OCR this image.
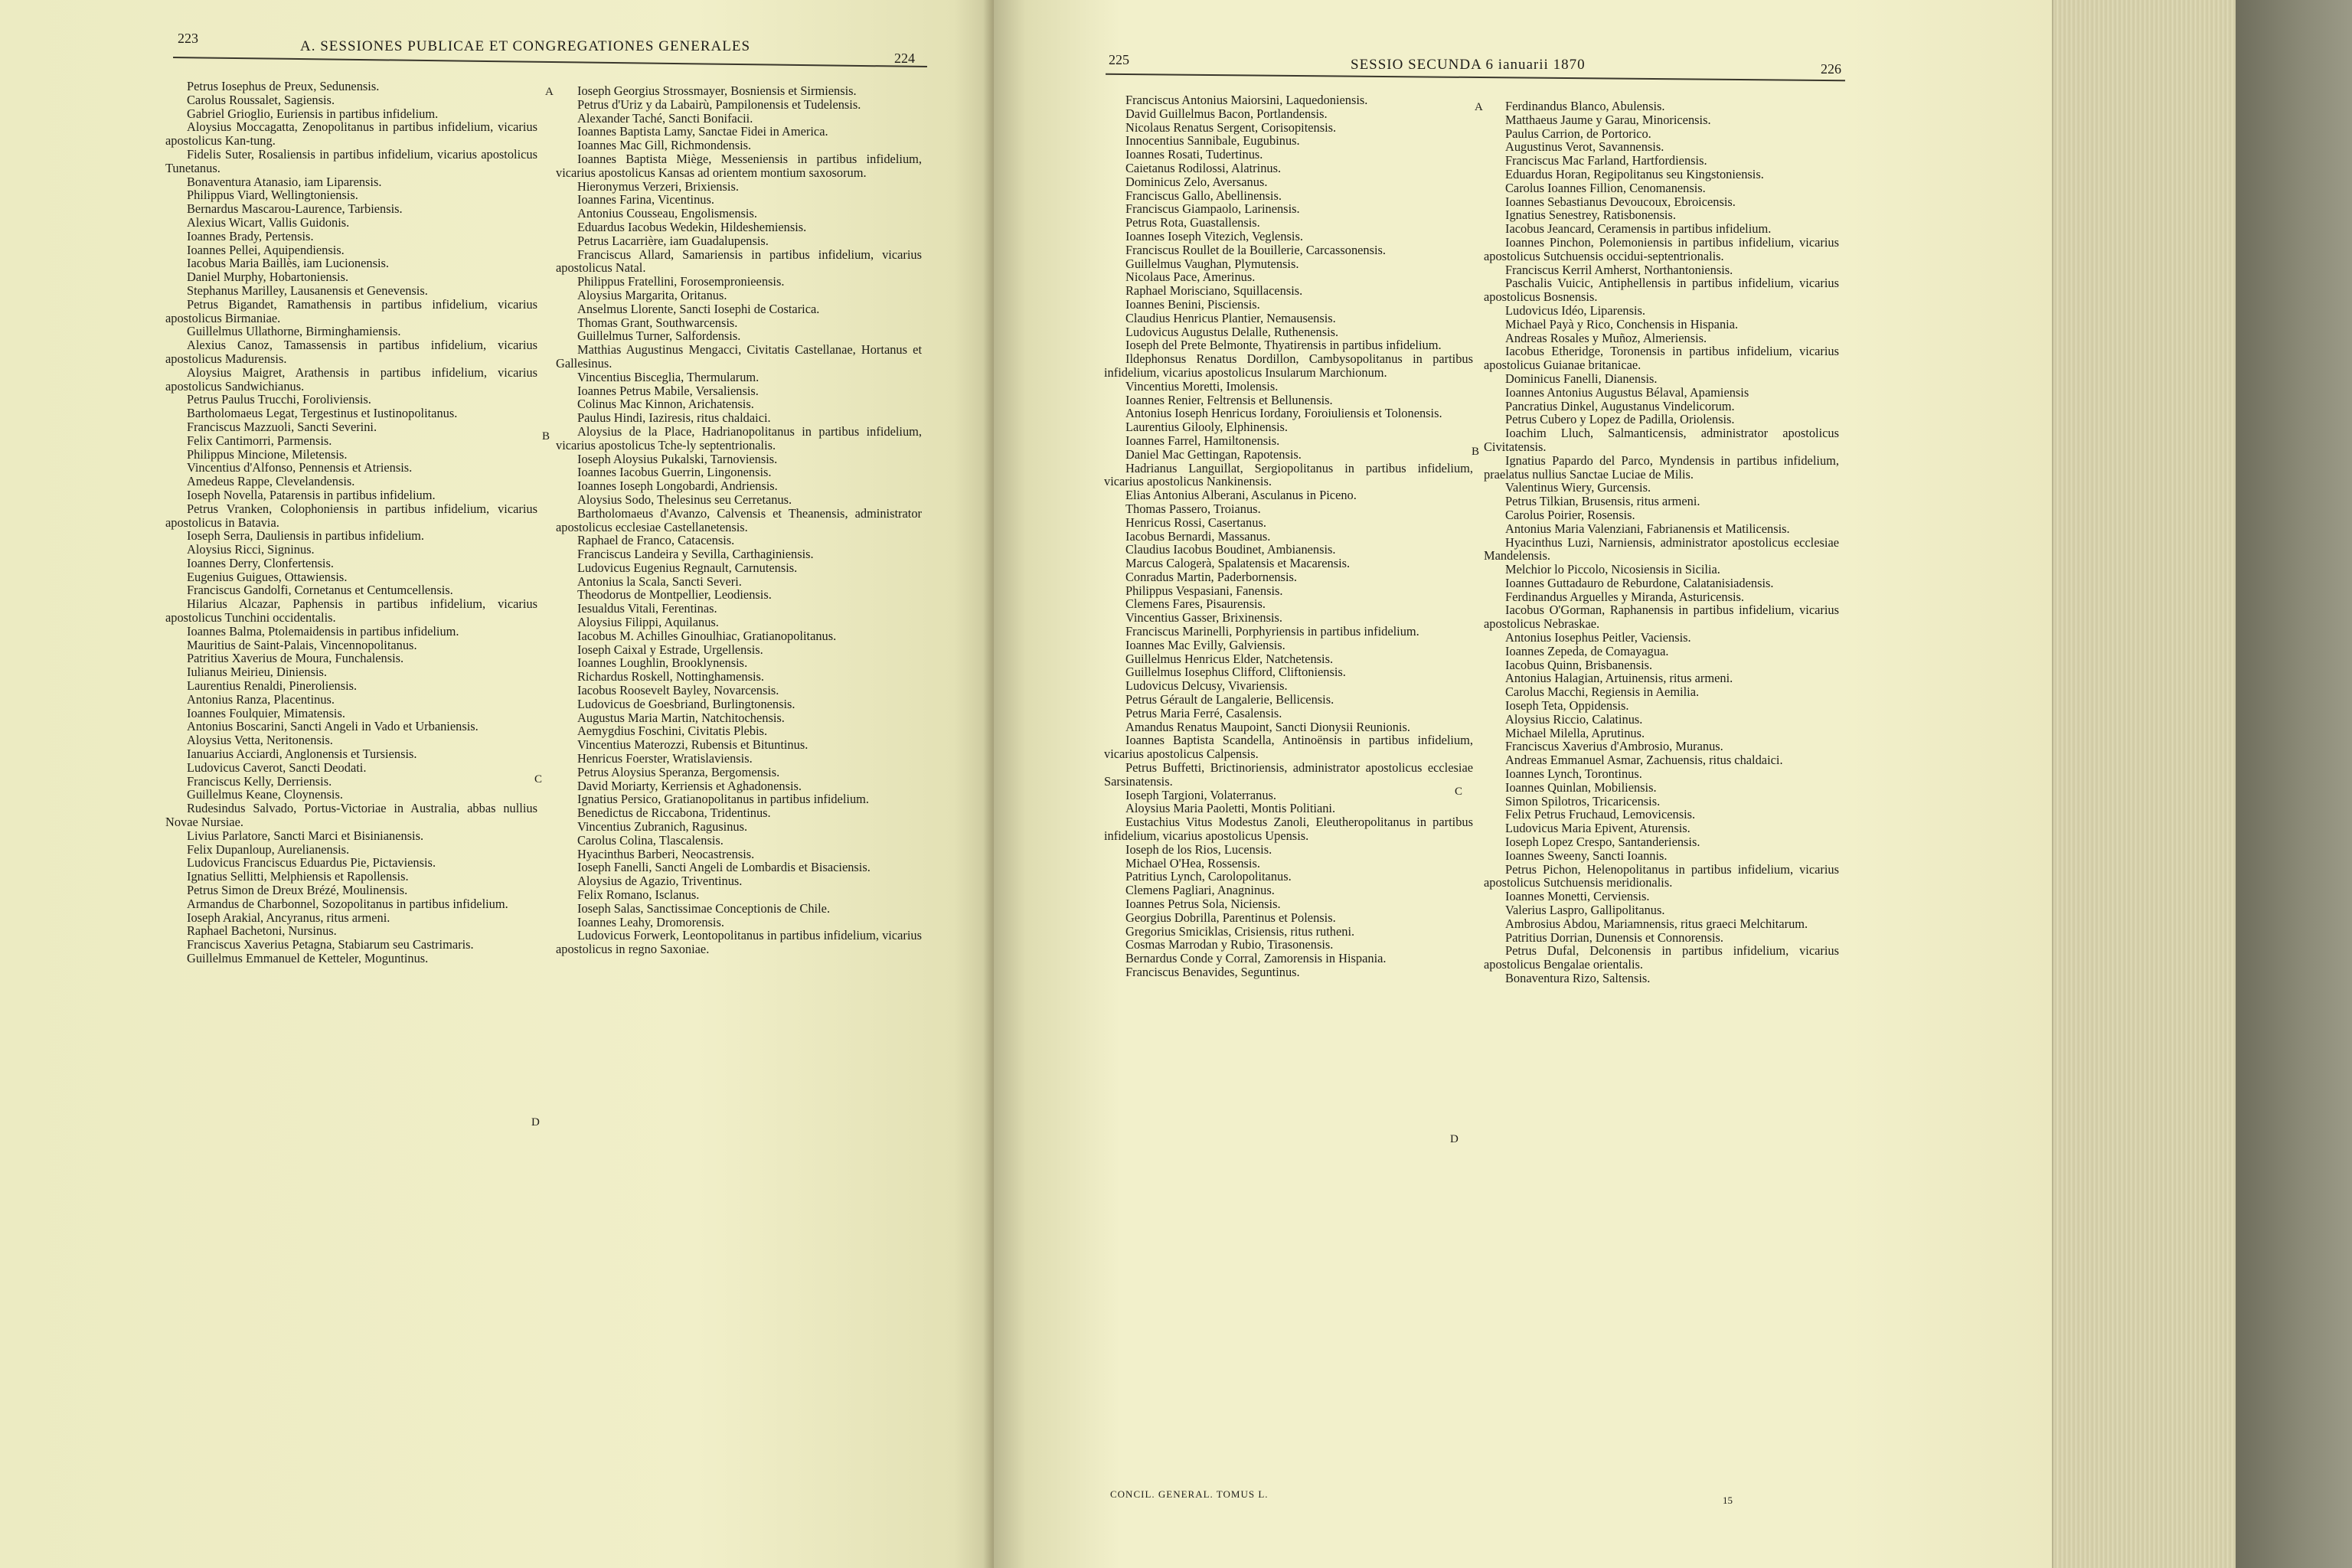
223	A. SESSIONES PUBLICAE ET CONGREGATIONES GENERALES
224

Petrus Iosephus de Preux, Sedunensis.

Carolus Roussalet, Sagiensis.

Gabriel Grioglio, Euriensis in partibus infidelium.

Aloysius Moccagatta, Zenopolitanus in partibus infidelium, vicarius apostolicus Kan-tung.

Fidelis Suter, Rosaliensis in partibus infidelium, vicarius apostolicus Tunetanus.

Bonaventura Atanasio, iam Liparensis.

Philippus Viard, Wellingtoniensis.

Bernardus Mascarou-Laurence, Tarbiensis.

Alexius Wicart, Vallis Guidonis.

Ioannes Brady, Pertensis.

Ioannes Pellei, Aquipendiensis.

Iacobus Maria Baillès, iam Lucionensis.

Daniel Murphy, Hobartoniensis.

Stephanus Marilley, Lausanensis et Genevensis.

Petrus Bigandet, Ramathensis in partibus infidelium, vicarius apostolicus Birmaniae.

Guillelmus Ullathorne, Birminghamiensis.

Alexius Canoz, Tamassensis in partibus infidelium, vicarius apostolicus Madurensis.

Aloysius Maigret, Arathensis in partibus infidelium, vicarius apostolicus Sandwichianus.

Petrus Paulus Trucchi, Foroliviensis.

Bartholomaeus Legat, Tergestinus et Iustinopolitanus.

Franciscus Mazzuoli, Sancti Severini.

Felix Cantimorri, Parmensis.

Philippus Mincione, Miletensis.

Vincentius d'Alfonso, Pennensis et Atriensis.

Amedeus Rappe, Clevelandensis.

Ioseph Novella, Patarensis in partibus infidelium.

Petrus Vranken, Colophoniensis in partibus infidelium, vicarius apostolicus in Batavia.

Ioseph Serra, Dauliensis in partibus infidelium.

Aloysius Ricci, Signinus.

Ioannes Derry, Clonfertensis.

Eugenius Guigues, Ottawiensis.

Franciscus Gandolfi, Cornetanus et Centumcellensis.

Hilarius Alcazar, Paphensis in partibus infidelium, vicarius apostolicus Tunchini occidentalis.

Ioannes Balma, Ptolemaidensis in partibus infidelium.

Mauritius de Saint-Palais, Vincennopolitanus.

Patritius Xaverius de Moura, Funchalensis.

Iulianus Meirieu, Diniensis.

Laurentius Renaldi, Pineroliensis.

Antonius Ranza, Placentinus.

Ioannes Foulquier, Mimatensis.

Antonius Boscarini, Sancti Angeli in Vado et Urbaniensis.

Aloysius Vetta, Neritonensis.

Ianuarius Acciardi, Anglonensis et Tursiensis.

Ludovicus Caverot, Sancti Deodati.

Franciscus Kelly, Derriensis.

Guillelmus Keane, Cloynensis.

Rudesindus Salvado, Portus-Victoriae in Australia, abbas nullius Novae Nursiae.

Livius Parlatore, Sancti Marci et Bisinianensis.

Felix Dupanloup, Aurelianensis.

Ludovicus Franciscus Eduardus Pie, Pictaviensis.

Ignatius Sellitti, Melphiensis et Rapollensis.

Petrus Simon de Dreux Brézé, Moulinensis.

Armandus de Charbonnel, Sozopolitanus in partibus infidelium.

Ioseph Arakial, Ancyranus, ritus armeni.

Raphael Bachetoni, Nursinus.

Franciscus Xaverius Petagna, Stabiarum seu Castrimaris.

Guillelmus Emmanuel de Ketteler, Moguntinus.

Ioseph Georgius Strossmayer, Bosniensis et Sirmiensis.

Petrus d'Uriz y da Labairù, Pampilonensis et Tudelensis.

Alexander Taché, Sancti Bonifacii.

Ioannes Baptista Lamy, Sanctae Fidei in America.

Ioannes Mac Gill, Richmondensis.

Ioannes Baptista Miège, Messeniensis in partibus infidelium, vicarius apostolicus Kansas ad orientem montium saxosorum.

Hieronymus Verzeri, Brixiensis.

Ioannes Farina, Vicentinus.

Antonius Cousseau, Engolismensis.

Eduardus Iacobus Wedekin, Hildeshemiensis.

Petrus Lacarrière, iam Guadalupensis.

Franciscus Allard, Samariensis in partibus infidelium, vicarius apostolicus Natal.

Philippus Fratellini, Forosempronieensis.

Aloysius Margarita, Oritanus.

Anselmus Llorente, Sancti Iosephi de Costarica.

Thomas Grant, Southwarcensis.

Guillelmus Turner, Salfordensis.

Matthias Augustinus Mengacci, Civitatis Castellanae, Hortanus et Gallesinus.

Vincentius Bisceglia, Thermularum.

Ioannes Petrus Mabile, Versaliensis.

Colinus Mac Kinnon, Arichatensis.

Paulus Hindi, Iaziresis, ritus chaldaici.

Aloysius de la Place, Hadrianopolitanus in partibus infidelium, vicarius apostolicus Tche-ly septentrionalis.

Ioseph Aloysius Pukalski, Tarnoviensis.

Ioannes Iacobus Guerrin, Lingonensis.

Ioannes Ioseph Longobardi, Andriensis.

Aloysius Sodo, Thelesinus seu Cerretanus.

Bartholomaeus d'Avanzo, Calvensis et Theanensis, administrator apostolicus ecclesiae Castellanetensis.

Raphael de Franco, Catacensis.

Franciscus Landeira y Sevilla, Carthaginiensis.

Ludovicus Eugenius Regnault, Carnutensis.

Antonius la Scala, Sancti Severi.

Theodorus de Montpellier, Leodiensis.

Iesualdus Vitali, Ferentinas.

Aloysius Filippi, Aquilanus.

Iacobus M. Achilles Ginoulhiac, Gratianopolitanus.

Ioseph Caixal y Estrade, Urgellensis.

Ioannes Loughlin, Brooklynensis.

Richardus Roskell, Nottinghamensis.

Iacobus Roosevelt Bayley, Novarcensis.

Ludovicus de Goesbriand, Burlingtonensis.

Augustus Maria Martin, Natchitochensis.

Aemygdius Foschini, Civitatis Plebis.

Vincentius Materozzi, Rubensis et Bituntinus.

Henricus Foerster, Wratislaviensis.

Petrus Aloysius Speranza, Bergomensis.

David Moriarty, Kerriensis et Aghadonensis.

Ignatius Persico, Gratianopolitanus in partibus infidelium.

Benedictus de Riccabona, Tridentinus.

Vincentius Zubranich, Ragusinus.

Carolus Colina, Tlascalensis.

Hyacinthus Barberi, Neocastrensis.

Ioseph Fanelli, Sancti Angeli de Lombardis et Bisaciensis.

Aloysius de Agazio, Triventinus.

Felix Romano, Isclanus.

Ioseph Salas, Sanctissimae Conceptionis de Chile.

Ioannes Leahy, Dromorensis.

Ludovicus Forwerk, Leontopolitanus in partibus infidelium, vicarius apostolicus in regno Saxoniae.

A
B
C
D
225	SESSIO SECUNDA 6 ianuarii 1870	226

Franciscus Antonius Maiorsini, Laquedoniensis.

David Guillelmus Bacon, Portlandensis.

Nicolaus Renatus Sergent, Corisopitensis.

Innocentius Sannibale, Eugubinus.

Ioannes Rosati, Tudertinus.

Caietanus Rodilossi, Alatrinus.

Dominicus Zelo, Aversanus.

Franciscus Gallo, Abellinensis.

Franciscus Giampaolo, Larinensis.

Petrus Rota, Guastallensis.

Ioannes Ioseph Vitezich, Veglensis.

Franciscus Roullet de la Bouillerie, Carcassonensis.

Guillelmus Vaughan, Plymutensis.

Nicolaus Pace, Amerinus.

Raphael Morisciano, Squillacensis.

Ioannes Benini, Pisciensis.

Claudius Henricus Plantier, Nemausensis.

Ludovicus Augustus Delalle, Ruthenensis.

Ioseph del Prete Belmonte, Thyatirensis in partibus infidelium.

Ildephonsus Renatus Dordillon, Cambysopolitanus in partibus infidelium, vicarius apostolicus Insularum Marchionum.

Vincentius Moretti, Imolensis.

Ioannes Renier, Feltrensis et Bellunensis.

Antonius Ioseph Henricus Iordany, Foroiuliensis et Tolonensis.

Laurentius Gilooly, Elphinensis.

Ioannes Farrel, Hamiltonensis.

Daniel Mac Gettingan, Rapotensis.

Hadrianus Languillat, Sergiopolitanus in partibus infidelium, vicarius apostolicus Nankinensis.

Elias Antonius Alberani, Asculanus in Piceno.

Thomas Passero, Troianus.

Henricus Rossi, Casertanus.

Iacobus Bernardi, Massanus.

Claudius Iacobus Boudinet, Ambianensis.

Marcus Calogerà, Spalatensis et Macarensis.

Conradus Martin, Paderbornensis.

Philippus Vespasiani, Fanensis.

Clemens Fares, Pisaurensis.

Vincentius Gasser, Brixinensis.

Franciscus Marinelli, Porphyriensis in partibus infidelium.

Ioannes Mac Evilly, Galviensis.

Guillelmus Henricus Elder, Natchetensis.

Guillelmus Iosephus Clifford, Cliftoniensis.

Ludovicus Delcusy, Vivariensis.

Petrus Gérault de Langalerie, Bellicensis.

Petrus Maria Ferré, Casalensis.

Amandus Renatus Maupoint, Sancti Dionysii Reunionis.

Ioannes Baptista Scandella, Antinoënsis in partibus infidelium, vicarius apostolicus Calpensis.

Petrus Buffetti, Brictinoriensis, administrator apostolicus ecclesiae Sarsinatensis.

Ioseph Targioni, Volaterranus.

Aloysius Maria Paoletti, Montis Politiani.

Eustachius Vitus Modestus Zanoli, Eleutheropolitanus in partibus infidelium, vicarius apostolicus Upensis.

Ioseph de los Rios, Lucensis.

Michael O'Hea, Rossensis.

Patritius Lynch, Carolopolitanus.

Clemens Pagliari, Anagninus.

Ioannes Petrus Sola, Niciensis.

Georgius Dobrilla, Parentinus et Polensis.

Gregorius Smiciklas, Crisiensis, ritus rutheni.

Cosmas Marrodan y Rubio, Tirasonensis.

Bernardus Conde y Corral, Zamorensis in Hispania.

Franciscus Benavides, Seguntinus.

Ferdinandus Blanco, Abulensis.

Matthaeus Jaume y Garau, Minoricensis.

Paulus Carrion, de Portorico.

Augustinus Verot, Savannensis.

Franciscus Mac Farland, Hartfordiensis.

Eduardus Horan, Regipolitanus seu Kingstoniensis.

Carolus Ioannes Fillion, Cenomanensis.

Ioannes Sebastianus Devoucoux, Ebroicensis.

Ignatius Senestrey, Ratisbonensis.

Iacobus Jeancard, Ceramensis in partibus infidelium.

Ioannes Pinchon, Polemoniensis in partibus infidelium, vicarius apostolicus Sutchuensis occidui-septentrionalis.

Franciscus Kerril Amherst, Northantoniensis.

Paschalis Vuicic, Antiphellensis in partibus infidelium, vicarius apostolicus Bosnensis.

Ludovicus Idéo, Liparensis.

Michael Payà y Rico, Conchensis in Hispania.

Andreas Rosales y Muñoz, Almeriensis.

Iacobus Etheridge, Toronensis in partibus infidelium, vicarius apostolicus Guianae britanicae.

Dominicus Fanelli, Dianensis.

Ioannes Antonius Augustus Bélaval, Apamiensis

Pancratius Dinkel, Augustanus Vindelicorum.

Petrus Cubero y Lopez de Padilla, Oriolensis.

Ioachim Lluch, Salmanticensis, administrator apostolicus Civitatensis.

Ignatius Papardo del Parco, Myndensis in partibus infidelium, praelatus nullius Sanctae Luciae de Milis.

Valentinus Wiery, Gurcensis.

Petrus Tilkian, Brusensis, ritus armeni.

Carolus Poirier, Rosensis.

Antonius Maria Valenziani, Fabrianensis et Matilicensis.

Hyacinthus Luzi, Narniensis, administrator apostolicus ecclesiae Mandelensis.

Melchior lo Piccolo, Nicosiensis in Sicilia.

Ioannes Guttadauro de Reburdone, Calatanisiadensis.

Ferdinandus Arguelles y Miranda, Asturicensis.

Iacobus O'Gorman, Raphanensis in partibus infidelium, vicarius apostolicus Nebraskae.

Antonius Iosephus Peitler, Vaciensis.

Ioannes Zepeda, de Comayagua.

Iacobus Quinn, Brisbanensis.

Antonius Halagian, Artuinensis, ritus armeni.

Carolus Macchi, Regiensis in Aemilia.

Ioseph Teta, Oppidensis.

Aloysius Riccio, Calatinus.

Michael Milella, Aprutinus.

Franciscus Xaverius d'Ambrosio, Muranus.

Andreas Emmanuel Asmar, Zachuensis, ritus chaldaici.

Ioannes Lynch, Torontinus.

Ioannes Quinlan, Mobiliensis.

Simon Spilotros, Tricaricensis.

Felix Petrus Fruchaud, Lemovicensis.

Ludovicus Maria Epivent, Aturensis.

Ioseph Lopez Crespo, Santanderiensis.

Ioannes Sweeny, Sancti Ioannis.

Petrus Pichon, Helenopolitanus in partibus infidelium, vicarius apostolicus Sutchuensis meridionalis.

Ioannes Monetti, Cerviensis.

Valerius Laspro, Gallipolitanus.

Ambrosius Abdou, Mariamnensis, ritus graeci Melchitarum.

Patritius Dorrian, Dunensis et Connorensis.

Petrus Dufal, Delconensis in partibus infidelium, vicarius apostolicus Bengalae orientalis.

Bonaventura Rizo, Saltensis.

A
B
C
D
CONCIL. GENERAL. TOMUS L.
15
